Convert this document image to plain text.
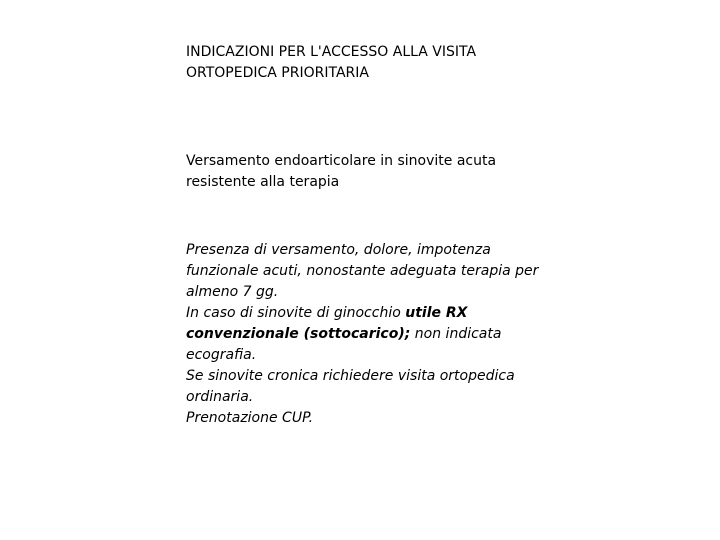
INDICAZIONI PER L'ACCESSO ALLA VISITA ORTOPEDICA PRIORITARIA
Versamento endoarticolare in sinovite acuta resistente alla terapia

Presenza di versamento, dolore, impotenza funzionale acuti, nonostante adeguata terapia per almeno 7 gg.

In caso di sinovite di ginocchio utile RX convenzionale (sottocarico); non indicata ecografia.

Se sinovite cronica richiedere visita ortopedica ordinaria.

Prenotazione CUP.
